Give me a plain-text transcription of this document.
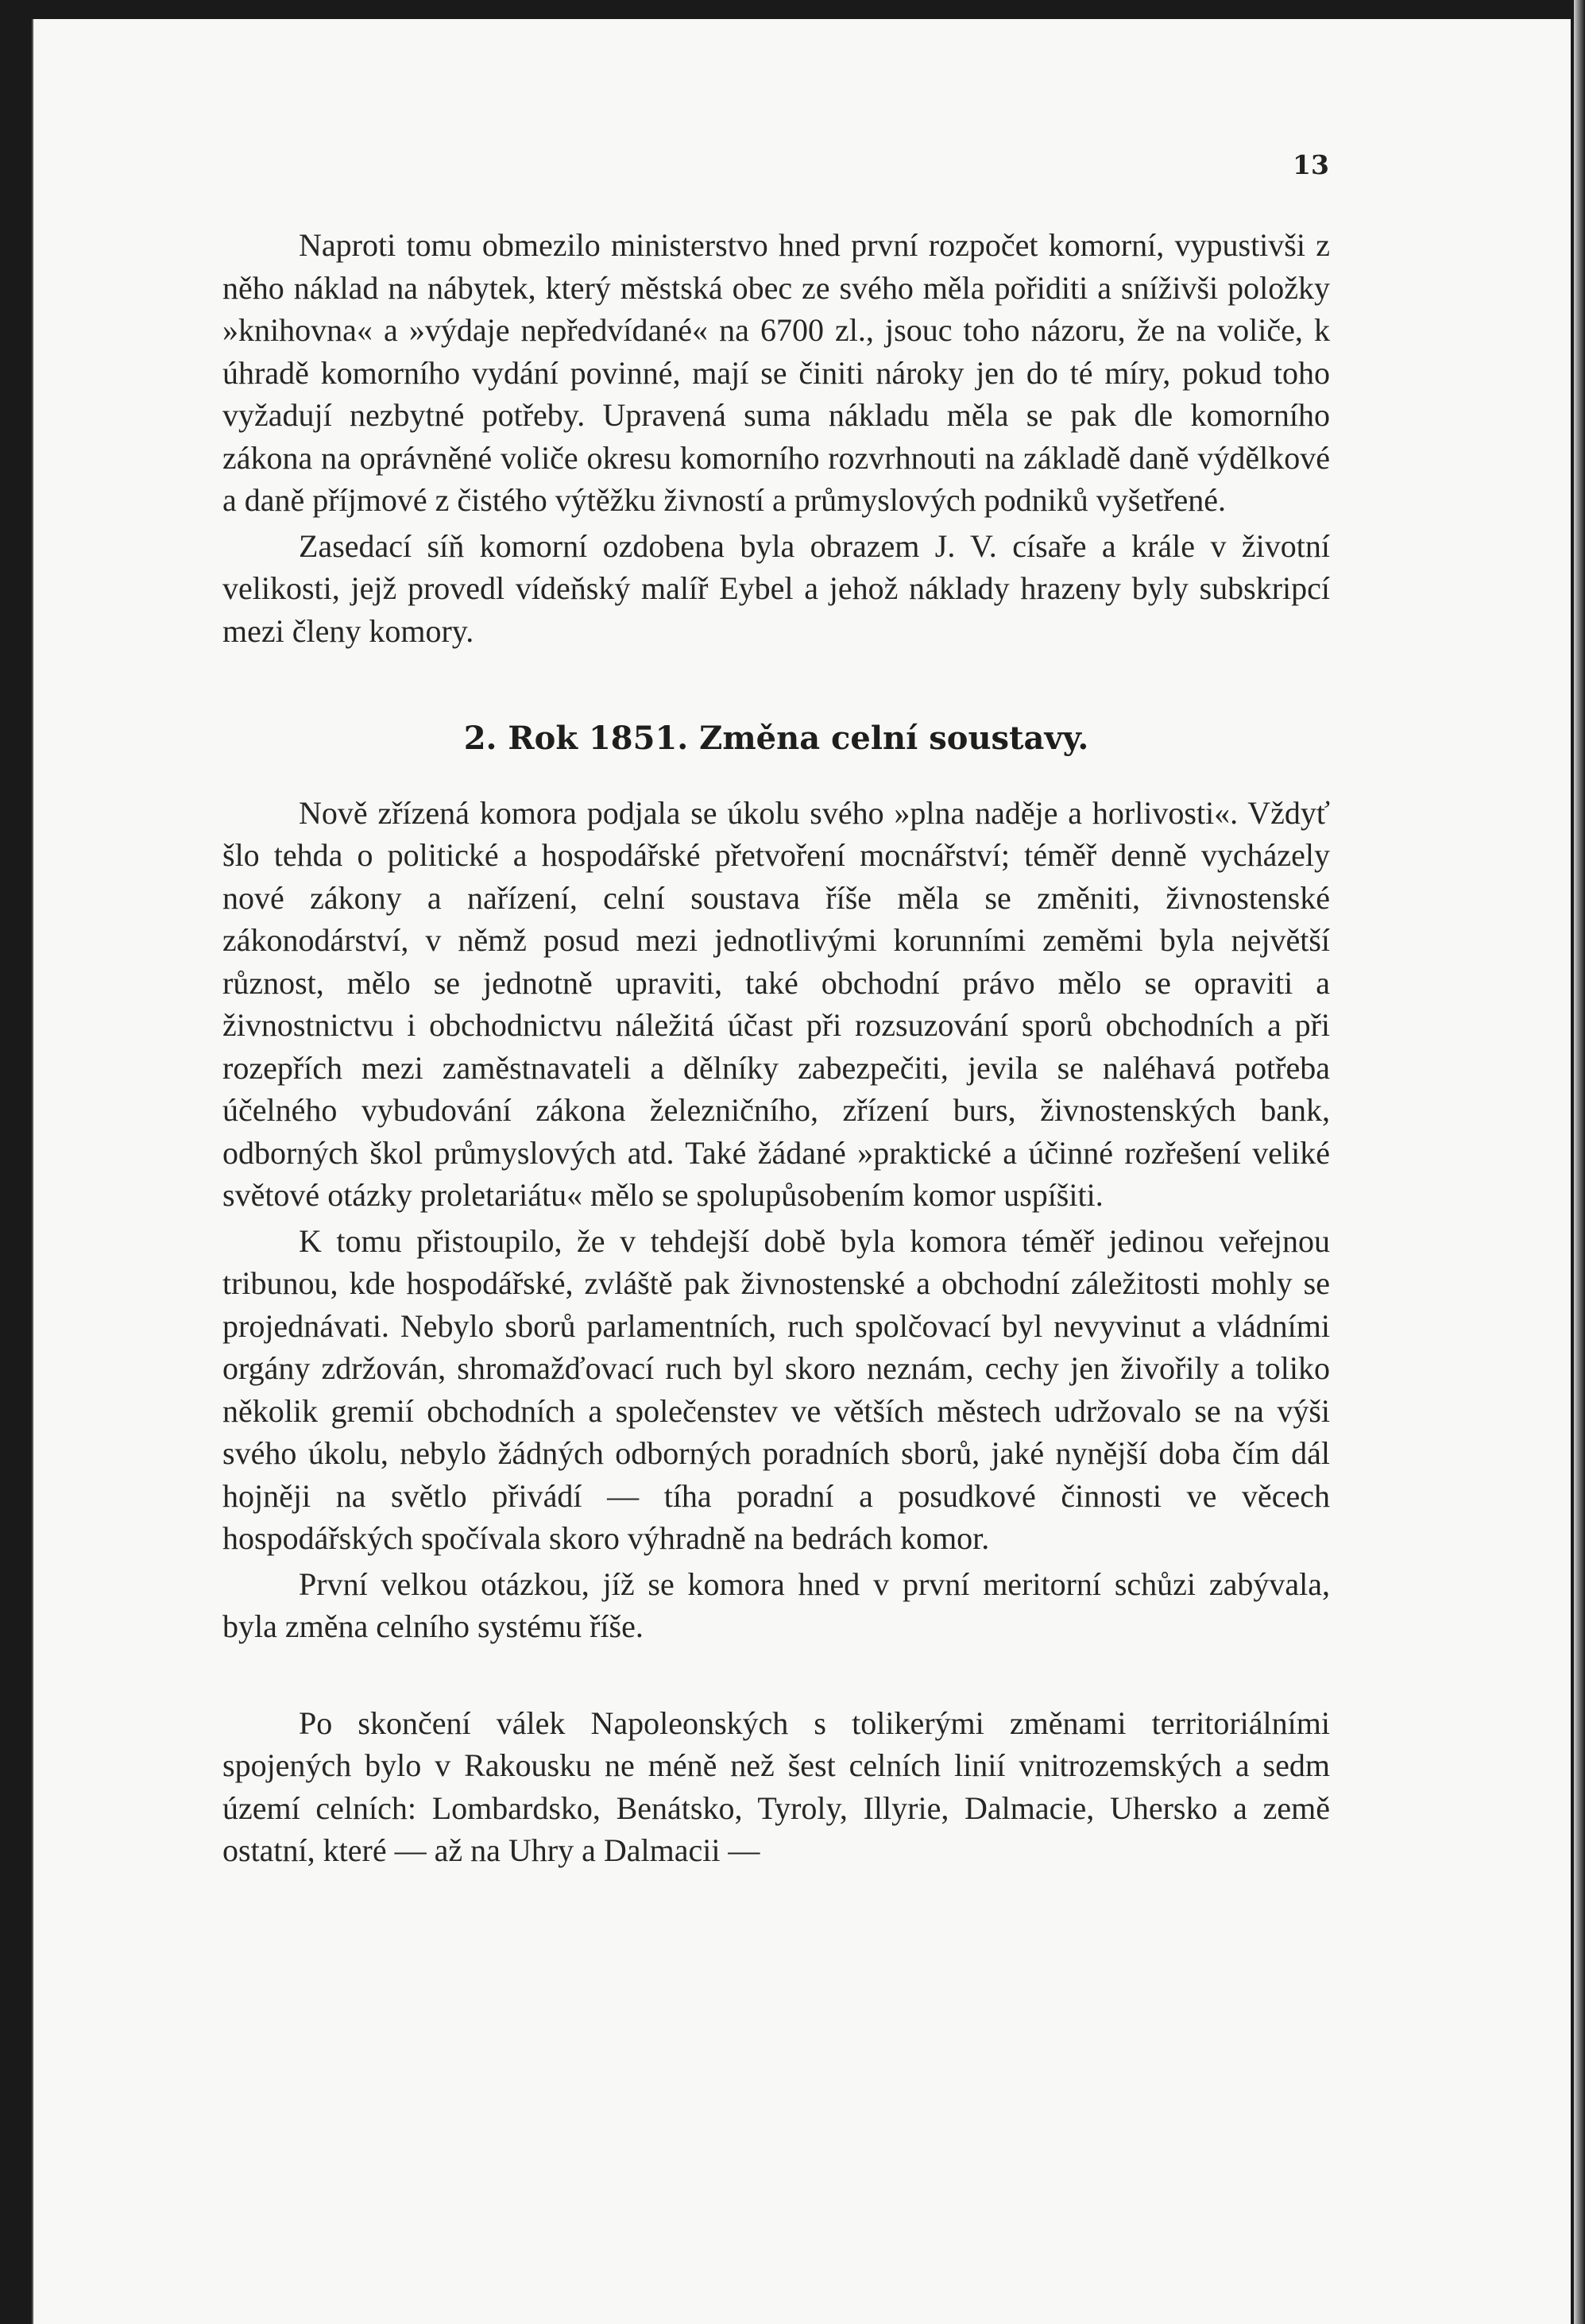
13

Naproti tomu obmezilo ministerstvo hned první rozpočet komorní, vypustivši z něho náklad na nábytek, který městská obec ze svého měla pořiditi a sníživši položky »knihovna« a »výdaje nepředvídané« na 6700 zl., jsouc toho názoru, že na voliče, k úhradě komorního vydání povinné, mají se činiti nároky jen do té míry, pokud toho vyžadují nezbytné potřeby. Upravená suma nákladu měla se pak dle komorního zákona na oprávněné voliče okresu komorního rozvrhnouti na základě daně výdělkové a daně příjmové z čistého výtěžku živností a průmyslových podniků vyšetřené.

Zasedací síň komorní ozdobena byla obrazem J. V. císaře a krále v životní velikosti, jejž provedl vídeňský malíř Eybel a jehož náklady hrazeny byly subskripcí mezi členy komory.

2. Rok 1851. Změna celní soustavy.

Nově zřízená komora podjala se úkolu svého »plna naděje a horlivosti«. Vždyť šlo tehda o politické a hospodářské přetvoření mocnářství; téměř denně vycházely nové zákony a nařízení, celní soustava říše měla se změniti, živnostenské zákonodárství, v němž posud mezi jednotlivými korunními zeměmi byla největší různost, mělo se jednotně upraviti, také obchodní právo mělo se opraviti a živnostnictvu i obchodnictvu náležitá účast při rozsuzování sporů obchodních a při rozepřích mezi zaměstnavateli a dělníky zabezpečiti, jevila se naléhavá potřeba účelného vybudování zákona železničního, zřízení burs, živnostenských bank, odborných škol průmyslových atd. Také žádané »praktické a účinné rozřešení veliké světové otázky proletariátu« mělo se spolupůsobením komor uspíšiti.

K tomu přistoupilo, že v tehdejší době byla komora téměř jedinou veřejnou tribunou, kde hospodářské, zvláště pak živnostenské a obchodní záležitosti mohly se projednávati. Nebylo sborů parlamentních, ruch spolčovací byl nevyvinut a vládními orgány zdržován, shromažďovací ruch byl skoro neznám, cechy jen živořily a toliko několik gremií obchodních a společenstev ve větších městech udržovalo se na výši svého úkolu, nebylo žádných odborných poradních sborů, jaké nynější doba čím dál hojněji na světlo přivádí — tíha poradní a posudkové činnosti ve věcech hospodářských spočívala skoro výhradně na bedrách komor.

První velkou otázkou, jíž se komora hned v první meritorní schůzi zabývala, byla změna celního systému říše.

Po skončení válek Napoleonských s tolikerými změnami territoriálními spojených bylo v Rakousku ne méně než šest celních linií vnitrozemských a sedm území celních: Lombardsko, Benátsko, Tyroly, Illyrie, Dalmacie, Uhersko a země ostatní, které — až na Uhry a Dalmacii —
